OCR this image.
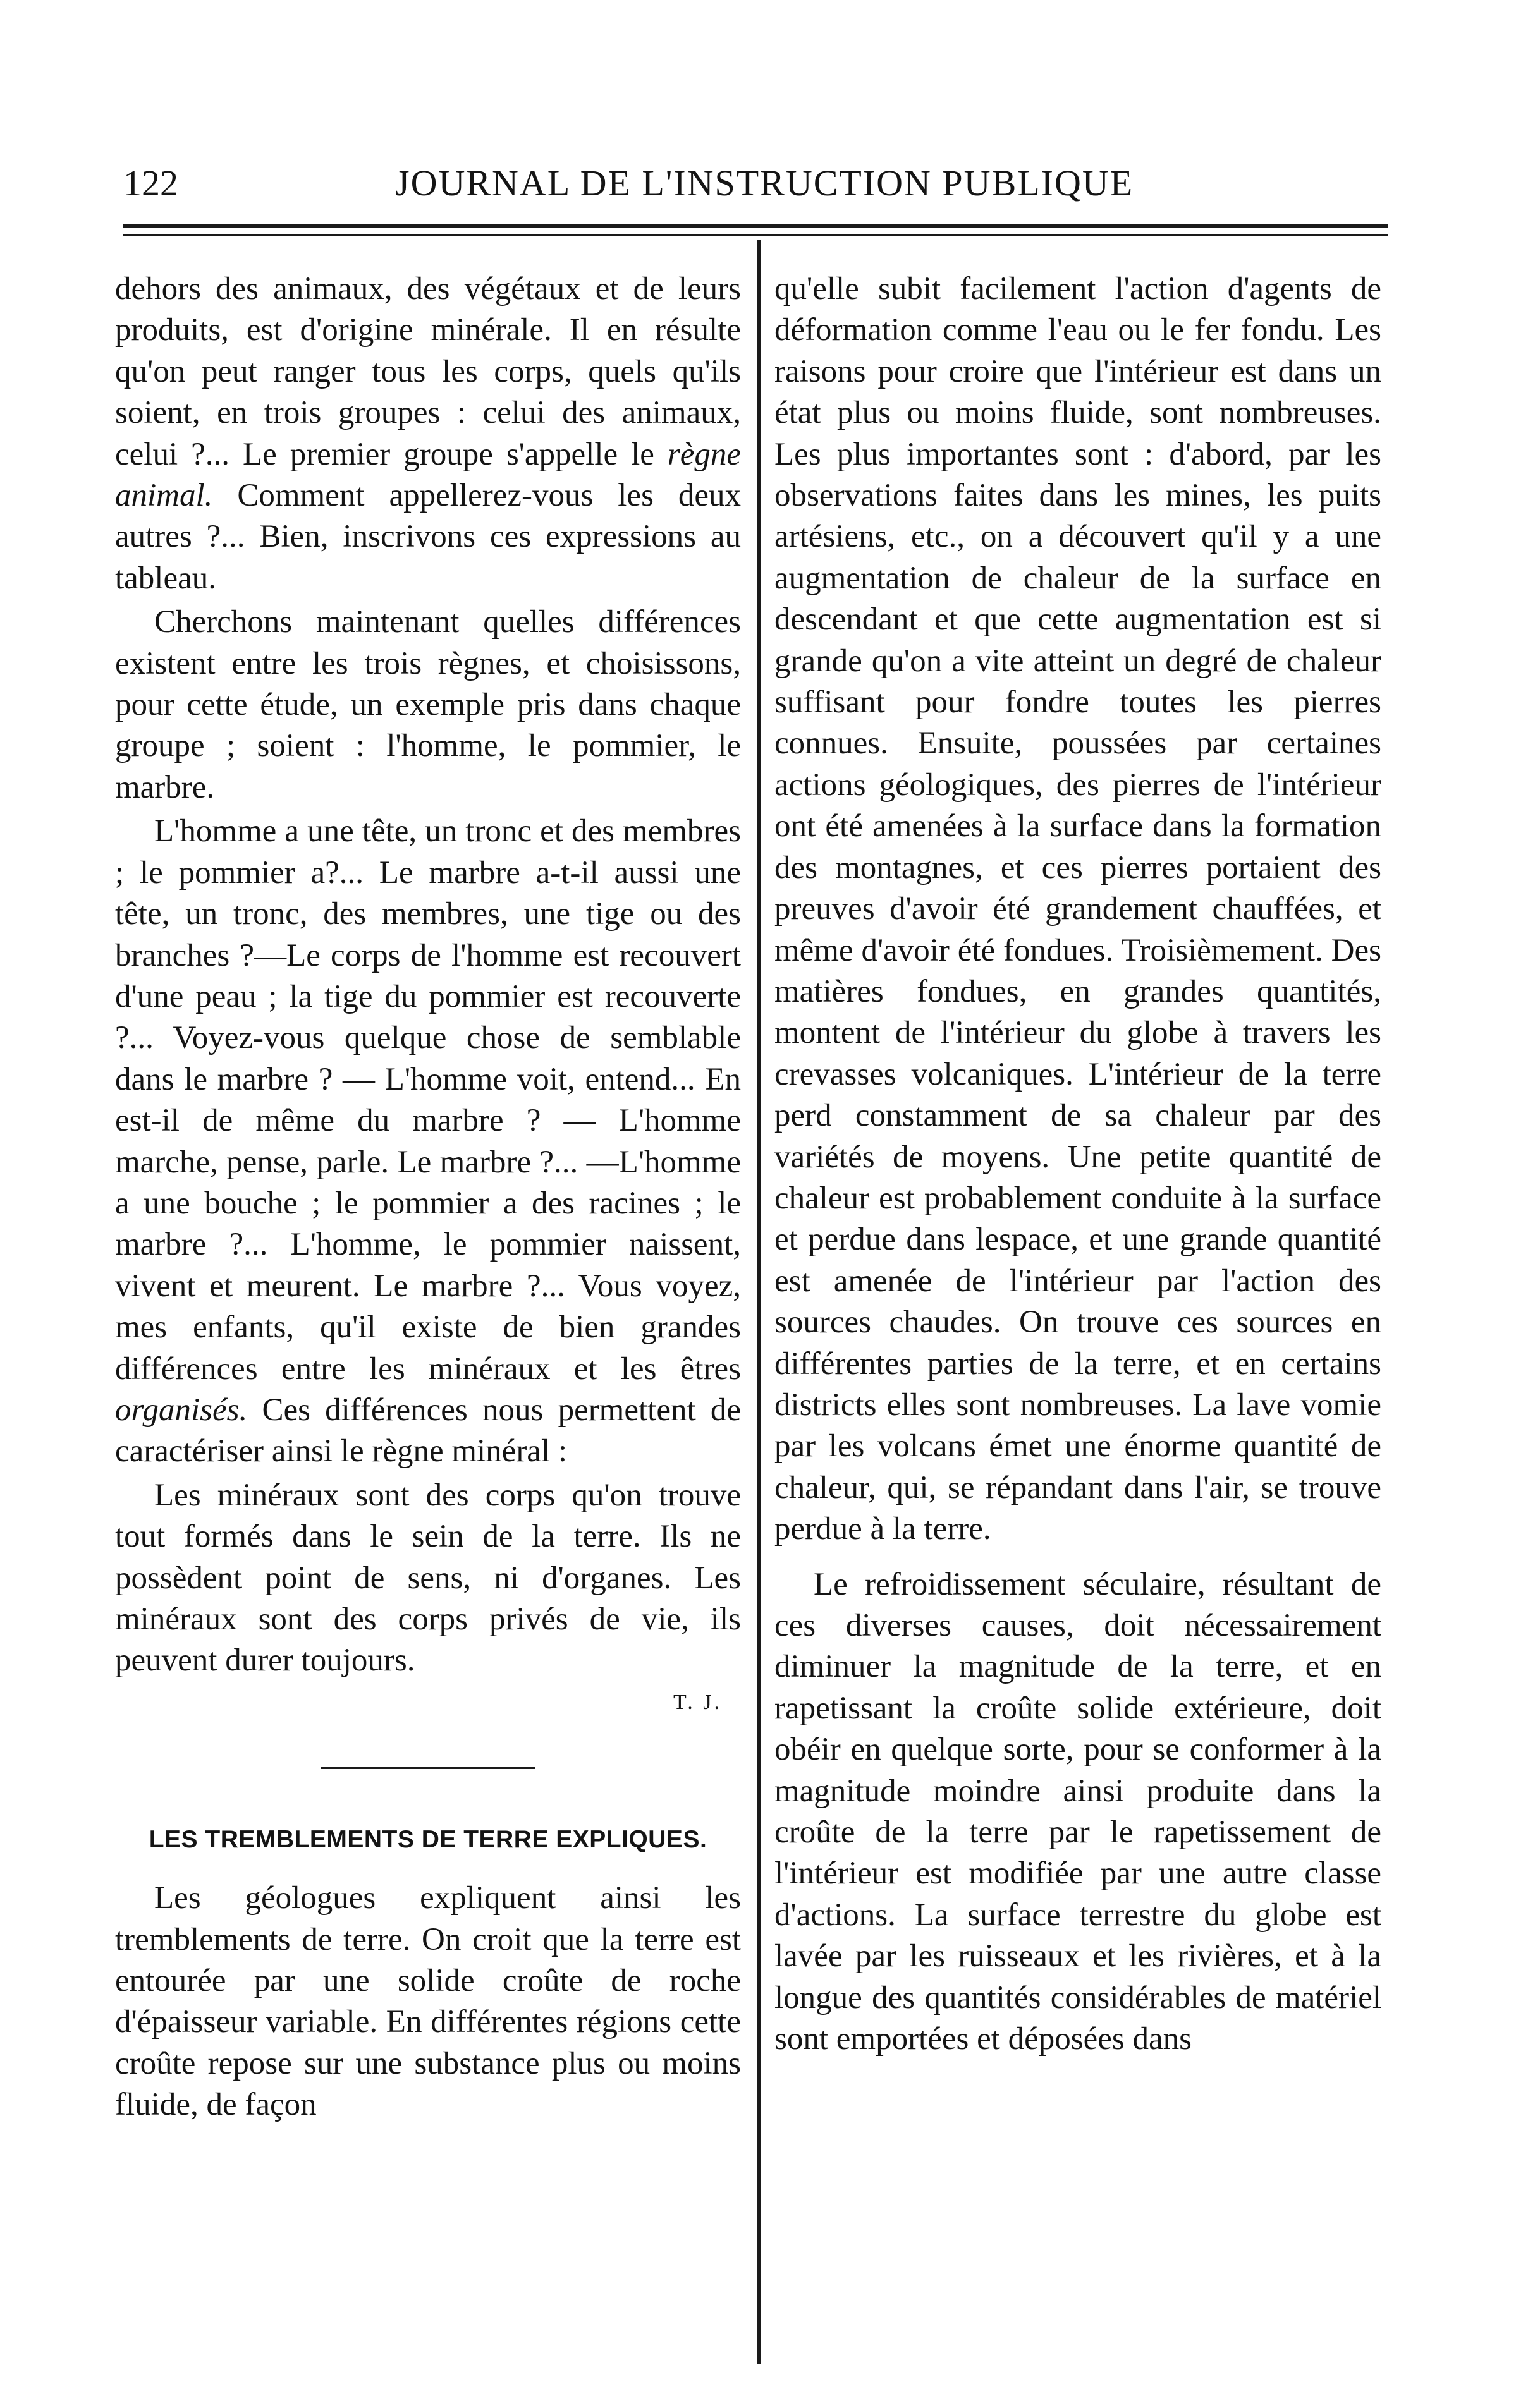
122	JOURNAL DE L'INSTRUCTION PUBLIQUE

dehors des animaux, des végétaux et de leurs produits, est d'origine minérale. Il en résulte qu'on peut ranger tous les corps, quels qu'ils soient, en trois groupes : celui des animaux, celui ?... Le premier groupe s'appelle le règne animal. Comment appellerez-vous les deux autres ?... Bien, inscrivons ces expressions au tableau.

Cherchons maintenant quelles différences existent entre les trois règnes, et choisissons, pour cette étude, un exemple pris dans chaque groupe ; soient : l'homme, le pommier, le marbre.

L'homme a une tête, un tronc et des membres ; le pommier a?... Le marbre a-t-il aussi une tête, un tronc, des membres, une tige ou des branches ?—Le corps de l'homme est recouvert d'une peau ; la tige du pommier est recouverte ?... Voyez-vous quelque chose de semblable dans le marbre ? — L'homme voit, entend... En est-il de même du marbre ? — L'homme marche, pense, parle. Le marbre ?... —L'homme a une bouche ; le pommier a des racines ; le marbre ?... L'homme, le pommier naissent, vivent et meurent. Le marbre ?... Vous voyez, mes enfants, qu'il existe de bien grandes différences entre les minéraux et les êtres organisés. Ces différences nous permettent de caractériser ainsi le règne minéral :

Les minéraux sont des corps qu'on trouve tout formés dans le sein de la terre. Ils ne possèdent point de sens, ni d'organes. Les minéraux sont des corps privés de vie, ils peuvent durer toujours.

T. J.
LES TREMBLEMENTS DE TERRE EXPLIQUES.

Les géologues expliquent ainsi les tremblements de terre. On croit que la terre est entourée par une solide croûte de roche d'épaisseur variable. En différentes régions cette croûte repose sur une substance plus ou moins fluide, de façon

qu'elle subit facilement l'action d'agents de déformation comme l'eau ou le fer fondu. Les raisons pour croire que l'intérieur est dans un état plus ou moins fluide, sont nombreuses. Les plus importantes sont : d'abord, par les observations faites dans les mines, les puits artésiens, etc., on a découvert qu'il y a une augmentation de chaleur de la surface en descendant et que cette augmentation est si grande qu'on a vite atteint un degré de chaleur suffisant pour fondre toutes les pierres connues. Ensuite, poussées par certaines actions géologiques, des pierres de l'intérieur ont été amenées à la surface dans la formation des montagnes, et ces pierres portaient des preuves d'avoir été grandement chauffées, et même d'avoir été fondues. Troisièmement. Des matières fondues, en grandes quantités, montent de l'intérieur du globe à travers les crevasses volcaniques. L'intérieur de la terre perd constamment de sa chaleur par des variétés de moyens. Une petite quantité de chaleur est probablement conduite à la surface et perdue dans lespace, et une grande quantité est amenée de l'intérieur par l'action des sources chaudes. On trouve ces sources en différentes parties de la terre, et en certains districts elles sont nombreuses. La lave vomie par les volcans émet une énorme quantité de chaleur, qui, se répandant dans l'air, se trouve perdue à la terre.

Le refroidissement séculaire, résultant de ces diverses causes, doit nécessairement diminuer la magnitude de la terre, et en rapetissant la croûte solide extérieure, doit obéir en quelque sorte, pour se conformer à la magnitude moindre ainsi produite dans la croûte de la terre par le rapetissement de l'intérieur est modifiée par une autre classe d'actions. La surface terrestre du globe est lavée par les ruisseaux et les rivières, et à la longue des quantités considérables de matériel sont emportées et déposées dans
